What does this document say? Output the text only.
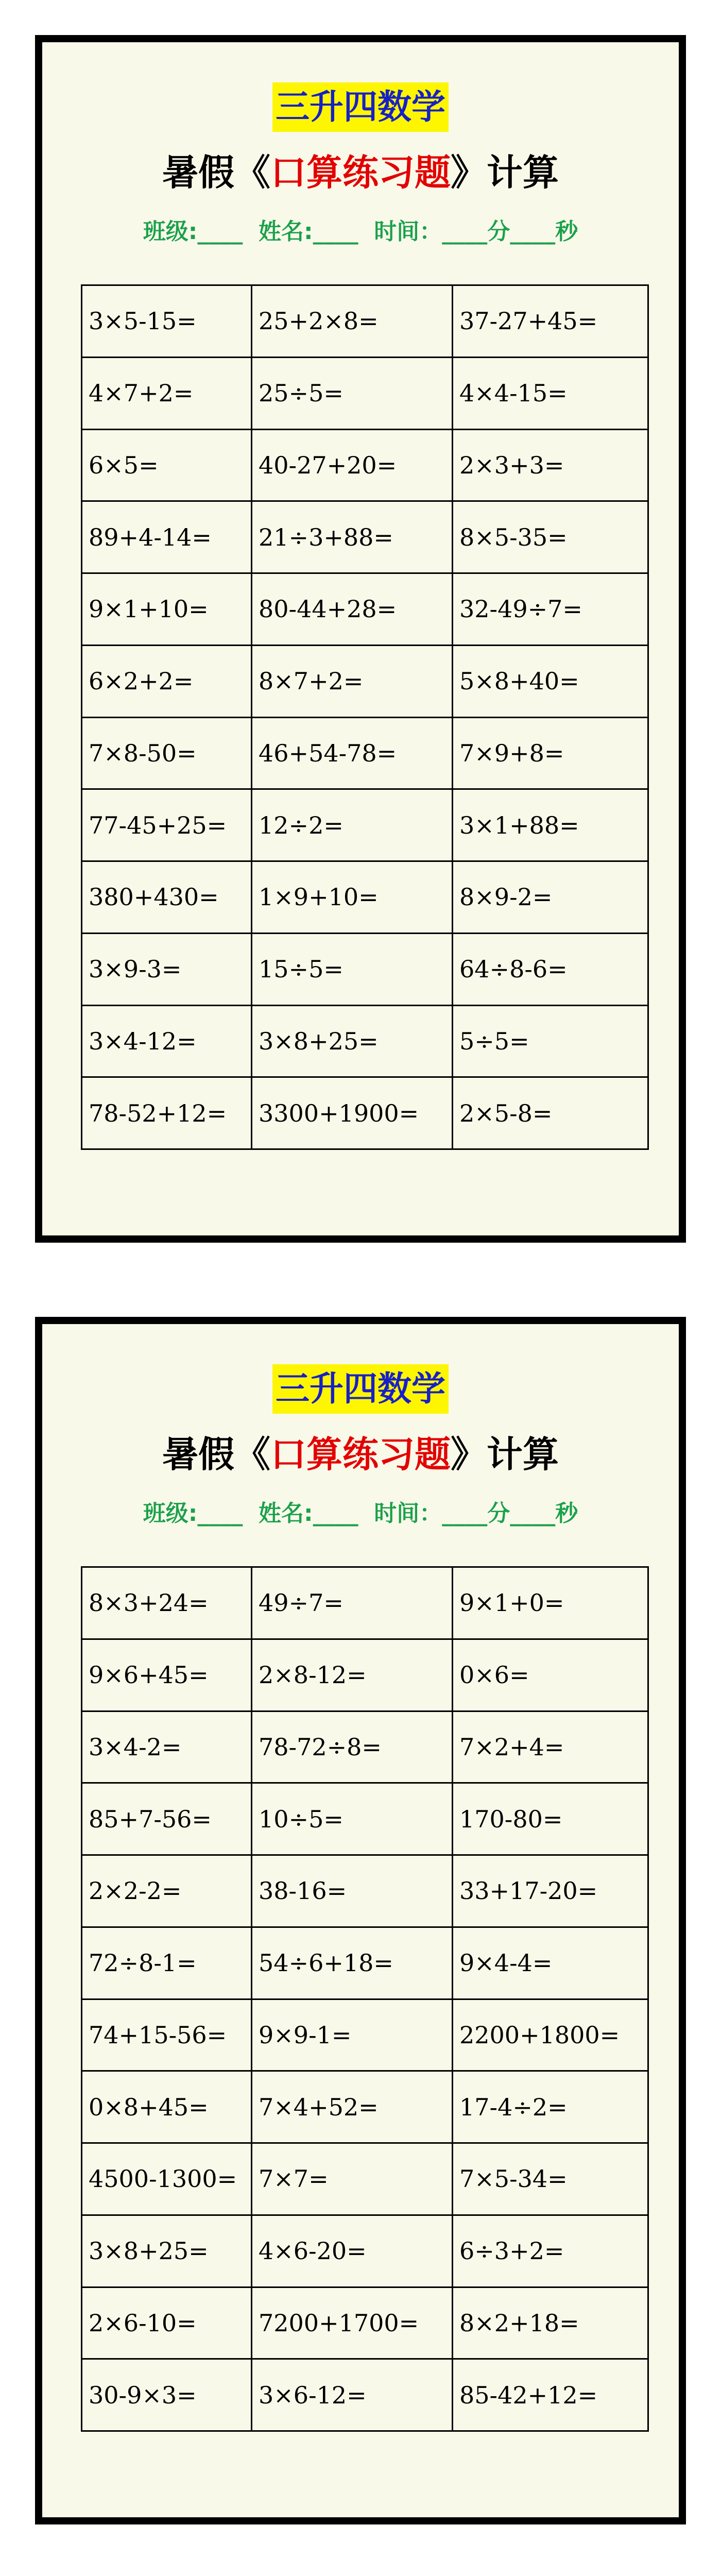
三升四数学
暑假《口算练习题》计算
班级:____  姓名:____  时间：____分____秒
3×5-15=	25+2×8=	37-27+45=
4×7+2=	25÷5=	4×4-15=
6×5=	40-27+20=	2×3+3=
89+4-14=	21÷3+88=	8×5-35=
9×1+10=	80-44+28=	32-49÷7=
6×2+2=	8×7+2=	5×8+40=
7×8-50=	46+54-78=	7×9+8=
77-45+25=	12÷2=	3×1+88=
380+430=	1×9+10=	8×9-2=
3×9-3=	15÷5=	64÷8-6=
3×4-12=	3×8+25=	5÷5=
78-52+12=	3300+1900=	2×5-8=
三升四数学
暑假《口算练习题》计算
班级:____  姓名:____  时间：____分____秒
8×3+24=	49÷7=	9×1+0=
9×6+45=	2×8-12=	0×6=
3×4-2=	78-72÷8=	7×2+4=
85+7-56=	10÷5=	170-80=
2×2-2=	38-16=	33+17-20=
72÷8-1=	54÷6+18=	9×4-4=
74+15-56=	9×9-1=	2200+1800=
0×8+45=	7×4+52=	17-4÷2=
4500-1300=	7×7=	7×5-34=
3×8+25=	4×6-20=	6÷3+2=
2×6-10=	7200+1700=	8×2+18=
30-9×3=	3×6-12=	85-42+12=
